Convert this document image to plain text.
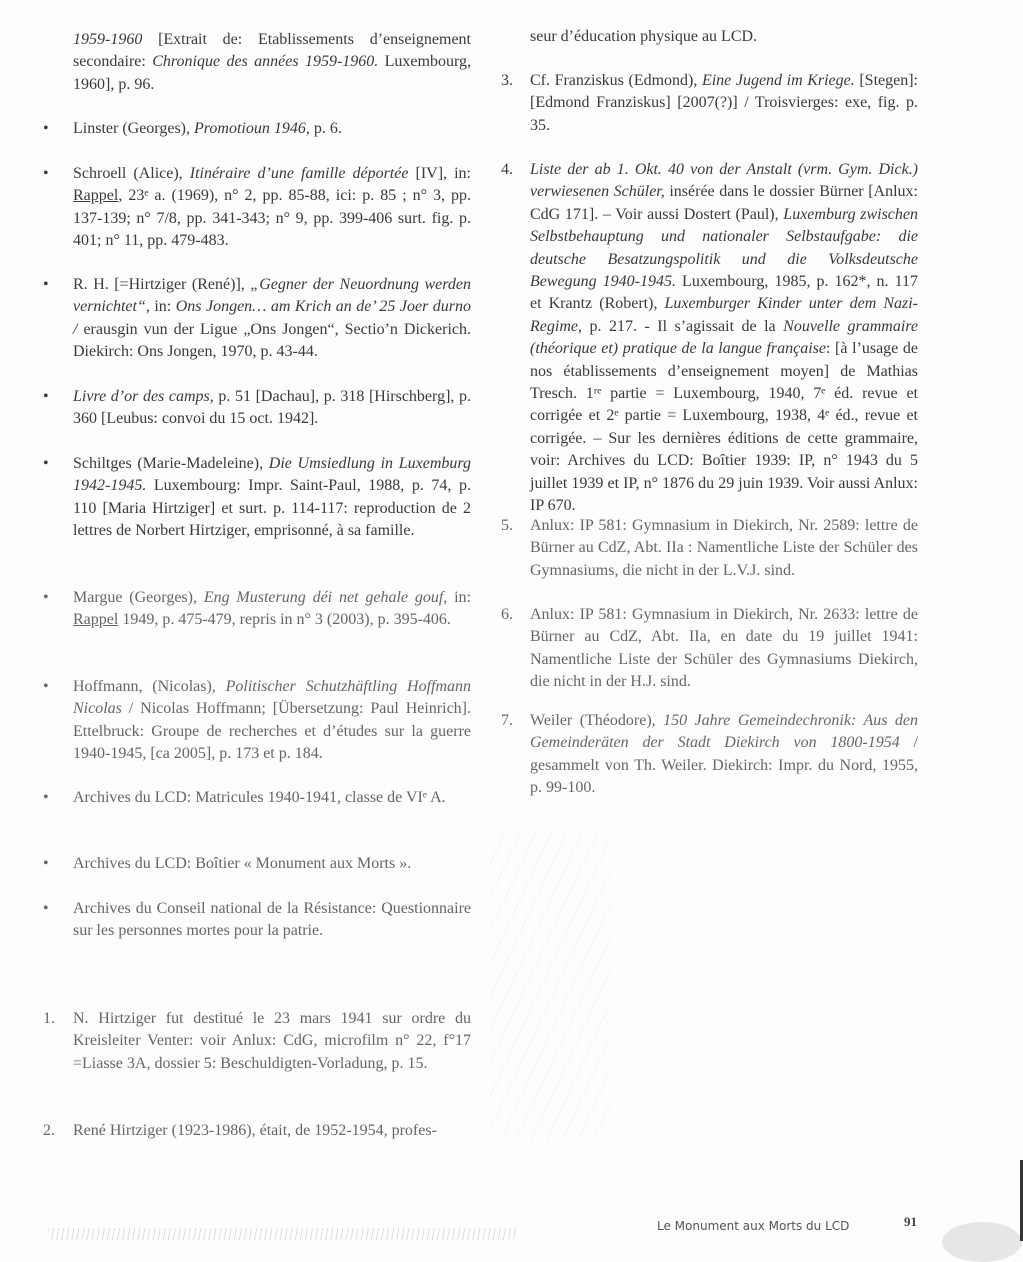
1959-1960 [Extrait de: Etablissements d’enseignement secondaire: Chronique des années 1959-1960. Luxembourg, 1960], p. 96.
•	Linster (Georges), Promotioun 1946, p. 6.
•	Schroell (Alice), Itinéraire d’une famille déportée [IV], in: Rappel, 23ᵉ a. (1969), n° 2, pp. 85-88, ici: p. 85 ; n° 3, pp. 137-139; n° 7/8, pp. 341-343; n° 9, pp. 399-406 surt. fig. p. 401; n° 11, pp. 479-483.
•	R. H. [=Hirtziger (René)], „Gegner der Neuordnung werden vernichtet“, in: Ons Jongen… am Krich an de’ 25 Joer durno / erausgin vun der Ligue „Ons Jongen“, Sectio’n Dickerich. Diekirch: Ons Jongen, 1970, p. 43-44.
•	Livre d’or des camps, p. 51 [Dachau], p. 318 [Hirschberg], p. 360 [Leubus: convoi du 15 oct. 1942].
•	Schiltges (Marie-Madeleine), Die Umsiedlung in Luxemburg 1942-1945. Luxembourg: Impr. Saint-Paul, 1988, p. 74, p. 110 [Maria Hirtziger] et surt. p. 114-117: reproduction de 2 lettres de Norbert Hirtziger, emprisonné, à sa famille.
•	Margue (Georges), Eng Musterung déi net gehale gouf, in: Rappel 1949, p. 475-479, repris in n° 3 (2003), p. 395-406.
•	Hoffmann, (Nicolas), Politischer Schutzhäftling Hoffmann Nicolas / Nicolas Hoffmann; [Übersetzung: Paul Heinrich]. Ettelbruck: Groupe de recherches et d’études sur la guerre 1940-1945, [ca 2005], p. 173 et p. 184.
•	Archives du LCD: Matricules 1940-1941, classe de VIᵉ A.
•	Archives du LCD: Boîtier « Monument aux Morts ».
•	Archives du Conseil national de la Résistance: Questionnaire sur les personnes mortes pour la patrie.
1.	N. Hirtziger fut destitué le 23 mars 1941 sur ordre du Kreisleiter Venter: voir Anlux: CdG, microfilm n° 22, f°17 =Liasse 3A, dossier 5: Beschuldigten-Vorladung, p. 15.
2.	René Hirtziger (1923-1986), était, de 1952-1954, profes-
seur d’éducation physique au LCD.
3.	Cf. Franziskus (Edmond), Eine Jugend im Kriege. [Stegen]: [Edmond Franziskus] [2007(?)] / Troisvierges: exe, fig. p. 35.
4.	Liste der ab 1. Okt. 40 von der Anstalt (vrm. Gym. Dick.) verwiesenen Schüler, insérée dans le dossier Bürner [Anlux: CdG 171]. – Voir aussi Dostert (Paul), Luxemburg zwischen Selbstbehauptung und nationaler Selbstaufgabe: die deutsche Besatzungspolitik und die Volksdeutsche Bewegung 1940-1945. Luxembourg, 1985, p. 162*, n. 117 et Krantz (Robert), Luxemburger Kinder unter dem Nazi-Regime, p. 217. - Il s’agissait de la Nouvelle grammaire (théorique et) pratique de la langue française: [à l’usage de nos établissements d’enseignement moyen] de Mathias Tresch. 1ʳᵉ partie = Luxembourg, 1940, 7ᵉ éd. revue et corrigée et 2ᵉ partie = Luxembourg, 1938, 4ᵉ éd., revue et corrigée. – Sur les dernières éditions de cette grammaire, voir: Archives du LCD: Boîtier 1939: IP, n° 1943 du 5 juillet 1939 et IP, n° 1876 du 29 juin 1939. Voir aussi Anlux: IP 670.
5.	Anlux: IP 581: Gymnasium in Diekirch, Nr. 2589: lettre de Bürner au CdZ, Abt. IIa : Namentliche Liste der Schüler des Gymnasiums, die nicht in der L.V.J. sind.
6.	Anlux: IP 581: Gymnasium in Diekirch, Nr. 2633: lettre de Bürner au CdZ, Abt. IIa, en date du 19 juillet 1941: Namentliche Liste der Schüler des Gymnasiums Diekirch, die nicht in der H.J. sind.
7.	Weiler (Théodore), 150 Jahre Gemeindechronik: Aus den Gemeinderäten der Stadt Diekirch von 1800-1954 / gesammelt von Th. Weiler. Diekirch: Impr. du Nord, 1955, p. 99-100.
Le Monument aux Morts du LCD	91
